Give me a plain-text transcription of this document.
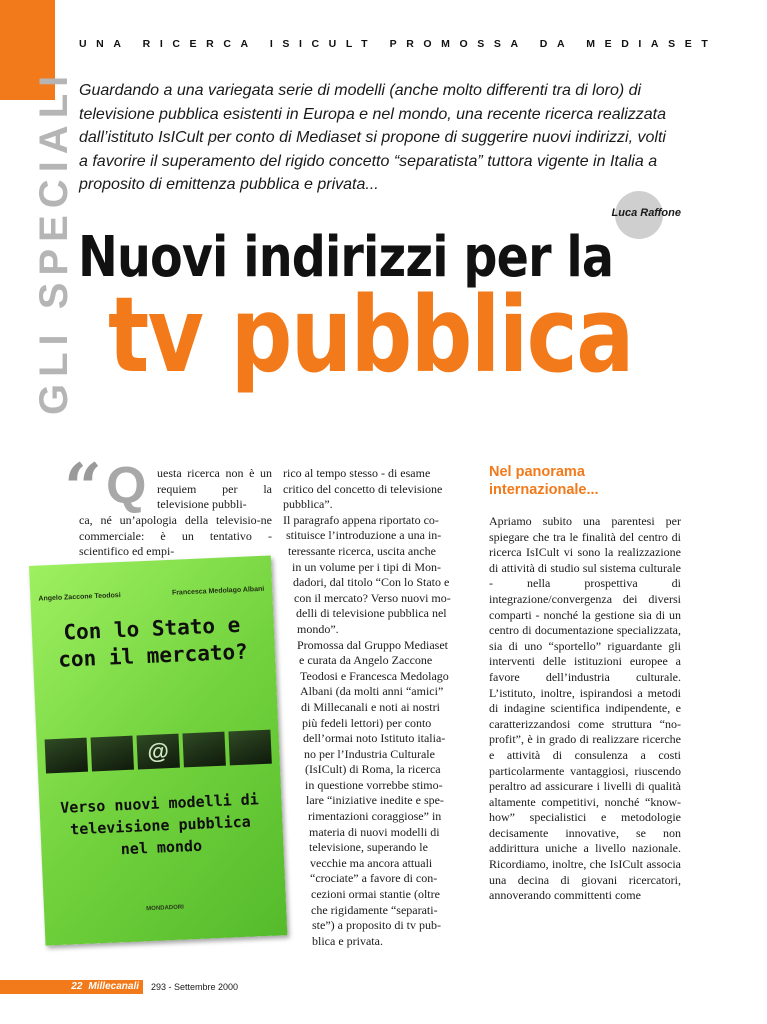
GLI SPECIALI
UNA RICERCA ISICULT PROMOSSA DA MEDIASET
Guardando a una variegata serie di modelli (anche molto differenti tra di loro) di televisione pubblica esistenti in Europa e nel mondo, una recente ricerca realizzata dall’istituto IsICult per conto di Mediaset si propone di suggerire nuovi indirizzi, volti a favorire il superamento del rigido concetto “separatista” tuttora vigente in Italia a proposito di emittenza pubblica e privata...
Luca Raffone
Nuovi indirizzi per la
tv pubblica
“ Q uesta ricerca non è un requiem per la televisione pubbli-

ca, né un’apologia della televisio-ne commerciale: è un tentativo - scientifico ed empi-

Angelo Zaccone Teodosi
Francesca Medolago Albani
Con lo Stato e con il mercato?
@
Verso nuovi modelli di televisione pubblica nel mondo
MONDADORI
rico al tempo stesso - di esame
critico del concetto di televisione
pubblica”.
Il paragrafo appena riportato co-
stituisce l’introduzione a una in-
teressante ricerca, uscita anche
in un volume per i tipi di Mon-
dadori, dal titolo “Con lo Stato e
con il mercato? Verso nuovi mo-
delli di televisione pubblica nel
mondo”.
Promossa dal Gruppo Mediaset
e curata da Angelo Zaccone
Teodosi e Francesca Medolago
Albani (da molti anni “amici”
di Millecanali e noti ai nostri
più fedeli lettori) per conto
dell’ormai noto Istituto italia-
no per l’Industria Culturale
(IsICult) di Roma, la ricerca
in questione vorrebbe stimo-
lare “iniziative inedite e spe-
rimentazioni coraggiose” in
materia di nuovi modelli di
televisione, superando le
vecchie ma ancora attuali
“crociate” a favore di con-
cezioni ormai stantie (oltre
che rigidamente “separati-
ste”) a proposito di tv pub-
blica e privata.
Nel panorama internazionale...

Apriamo subito una parentesi per spiegare che tra le finalità del centro di ricerca IsICult vi sono la realizzazione di attività di studio sul sistema culturale - nella prospettiva di integrazione/convergenza dei diversi comparti - nonché la gestione sia di un centro di documentazione specializzata, sia di uno “sportello” riguardante gli interventi delle istituzioni europee a favore dell’industria culturale. L’istituto, inoltre, ispirandosi a metodi di indagine scientifica indipendente, e caratterizzandosi come struttura “no-profit”, è in grado di realizzare ricerche e attività di consulenza a costi particolarmente vantaggiosi, riuscendo peraltro ad assicurare i livelli di qualità altamente competitivi, nonché “know-how” specialistici e metodologie decisamente innovative, se non addirittura uniche a livello nazionale. Ricordiamo, inoltre, che IsICult associa una decina di giovani ricercatori, annoverando committenti come

22 Millecanali	293 - Settembre 2000
